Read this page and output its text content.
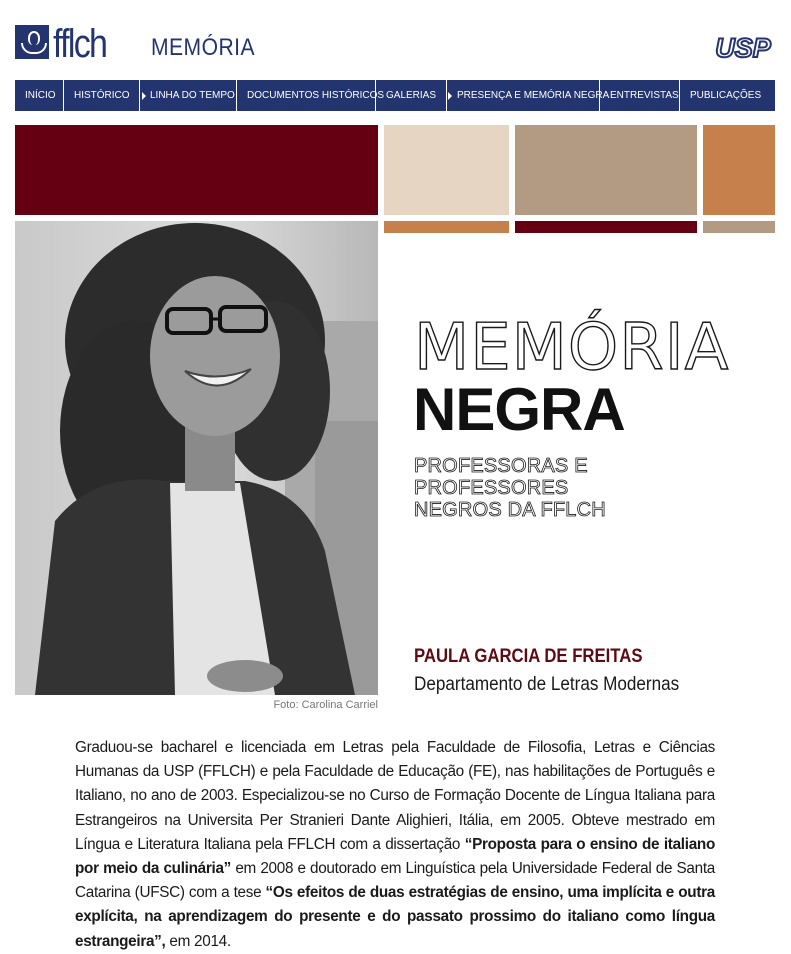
fflch	MEMÓRIA	USP
INÍCIO HISTÓRICO LINHA DO TEMPO DOCUMENTOS HISTÓRICOS GALERIAS PRESENÇA E MEMÓRIA NEGRA ENTREVISTAS PUBLICAÇÕES
Foto: Carolina Carriel
MEMÓRIA
NEGRA
PROFESSORAS E PROFESSORES
NEGROS DA FFLCH
PAULA GARCIA DE FREITAS
Departamento de Letras Modernas
Graduou-se bacharel e licenciada em Letras pela Faculdade de Filosofia, Letras e Ciências Humanas da USP (FFLCH) e pela Faculdade de Educação (FE), nas habilitações de Português e Italiano, no ano de 2003. Especializou-se no Curso de Formação Docente de Língua Italiana para Estrangeiros na Universita Per Stranieri Dante Alighieri, Itália, em 2005. Obteve mestrado em Língua e Literatura Italiana pela FFLCH com a dissertação “Proposta para o ensino de italiano por meio da culinária” em 2008 e doutorado em Linguística pela Universidade Federal de Santa Catarina (UFSC) com a tese “Os efeitos de duas estratégias de ensino, uma implícita e outra explícita, na aprendizagem do presente e do passato prossimo do italiano como língua estrangeira”, em 2014.
